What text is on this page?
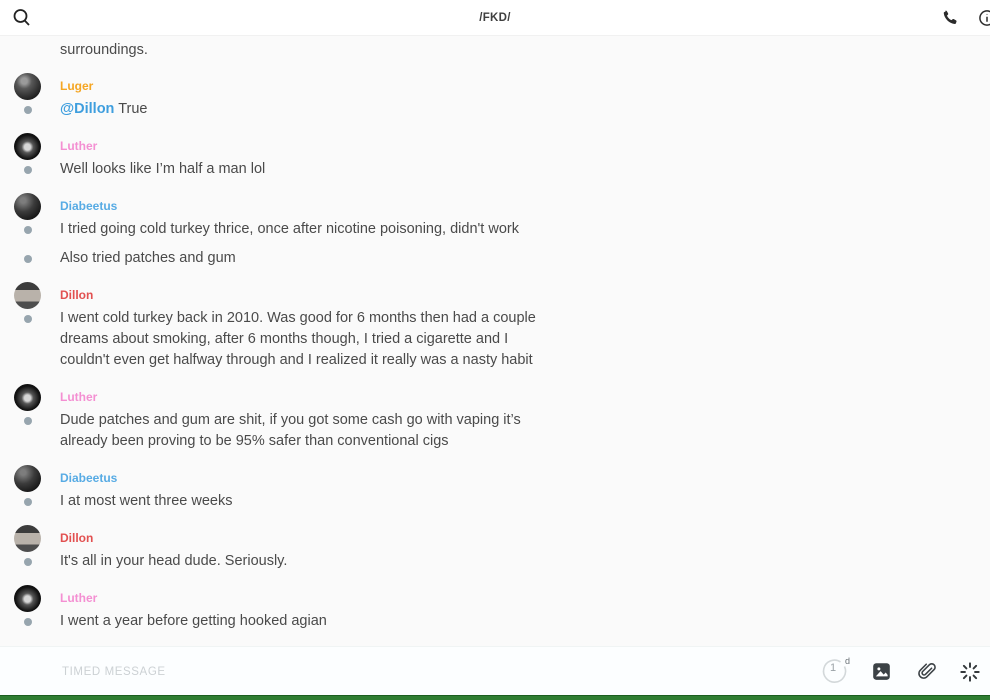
/FKD/
surroundings.
Luger
@Dillon True
Luther
Well looks like I’m half a man lol
Diabeetus
I tried going cold turkey thrice, once after nicotine poisoning, didn't work
Also tried patches and gum
Dillon
I went cold turkey back in 2010. Was good for 6 months then had a couple dreams about smoking, after 6 months though, I tried a cigarette and I couldn't even get halfway through and I realized it really was a nasty habit
Luther
Dude patches and gum are shit, if you got some cash go with vaping it’s already been proving to be 95% safer than conventional cigs
Diabeetus
I at most went three weeks
Dillon
It's all in your head dude. Seriously.
Luther
I went a year before getting hooked agian
TIMED MESSAGE
1
d
